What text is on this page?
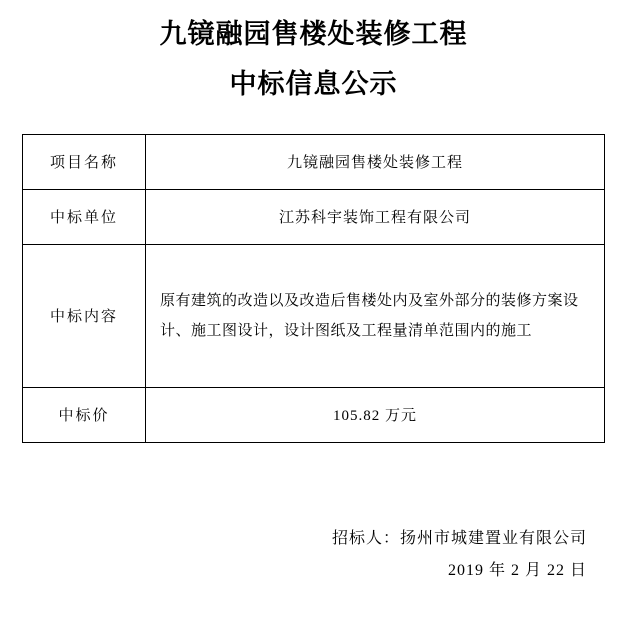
九镜融园售楼处装修工程
中标信息公示
项目名称	九镜融园售楼处装修工程
中标单位	江苏科宇装饰工程有限公司
中标内容	原有建筑的改造以及改造后售楼处内及室外部分的装修方案设计、施工图设计，设计图纸及工程量清单范围内的施工
中标价	105.82 万元
招标人：扬州市城建置业有限公司
2019 年 2 月 22 日
